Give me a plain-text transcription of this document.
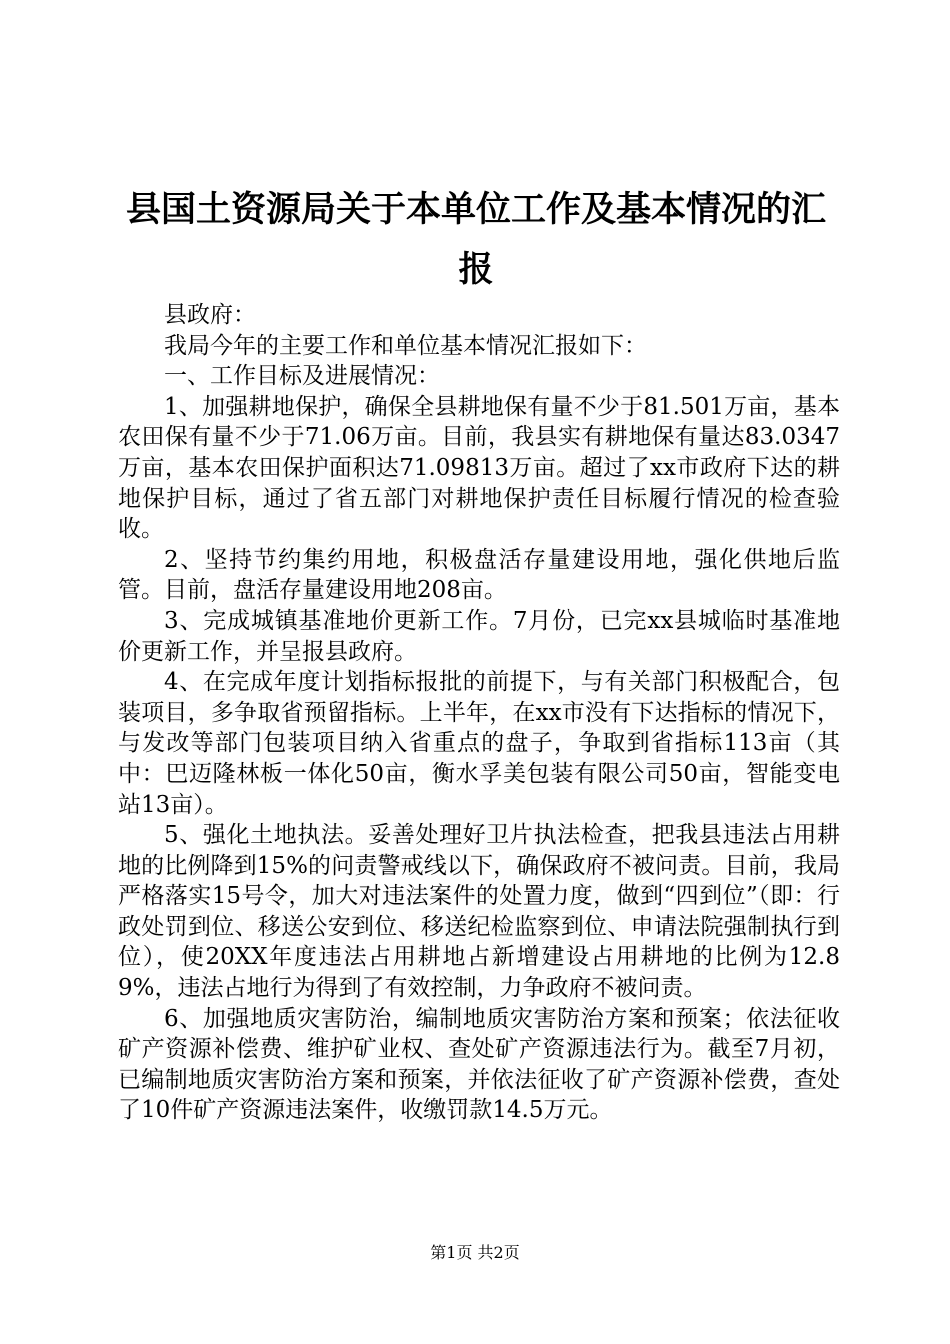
县国土资源局关于本单位工作及基本情况的汇报

县政府：

我局今年的主要工作和单位基本情况汇报如下：

一、工作目标及进展情况：

1、加强耕地保护，确保全县耕地保有量不少于81.501万亩，基本农田保有量不少于71.06万亩。目前，我县实有耕地保有量达83.0347万亩，基本农田保护面积达71.09813万亩。超过了xx市政府下达的耕地保护目标，通过了省五部门对耕地保护责任目标履行情况的检查验收。

2、坚持节约集约用地，积极盘活存量建设用地，强化供地后监管。目前，盘活存量建设用地208亩。

3、完成城镇基准地价更新工作。7月份，已完xx县城临时基准地价更新工作，并呈报县政府。

4、在完成年度计划指标报批的前提下，与有关部门积极配合，包装项目，多争取省预留指标。上半年，在xx市没有下达指标的情况下，与发改等部门包装项目纳入省重点的盘子，争取到省指标113亩（其中：巴迈隆林板一体化50亩，衡水孚美包装有限公司50亩，智能变电站13亩）。

5、强化土地执法。妥善处理好卫片执法检查，把我县违法占用耕地的比例降到15%的问责警戒线以下，确保政府不被问责。目前，我局严格落实15号令，加大对违法案件的处置力度，做到“四到位”（即：行政处罚到位、移送公安到位、移送纪检监察到位、申请法院强制执行到位），使20XX年度违法占用耕地占新增建设占用耕地的比例为12.89%，违法占地行为得到了有效控制，力争政府不被问责。

6、加强地质灾害防治，编制地质灾害防治方案和预案；依法征收矿产资源补偿费、维护矿业权、查处矿产资源违法行为。截至7月初，已编制地质灾害防治方案和预案，并依法征收了矿产资源补偿费，查处了10件矿产资源违法案件，收缴罚款14.5万元。

第1页 共2页
